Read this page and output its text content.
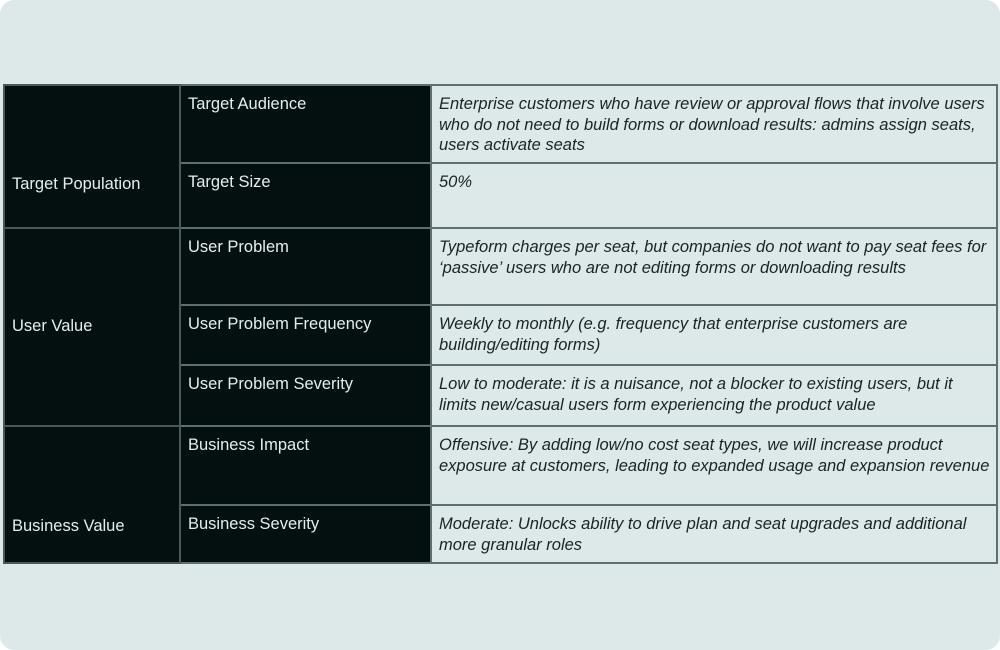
Target Population	Target Audience	Enterprise customers who have review or approval flows that involve users who do not need to build forms or download results: admins assign seats, users activate seats
	Target Size	50%

User Value	User Problem	Typeform charges per seat, but companies do not want to pay seat fees for ‘passive’ users who are not editing forms or downloading results
	User Problem Frequency	Weekly to monthly (e.g. frequency that enterprise customers are building/editing forms)
	User Problem Severity	Low to moderate: it is a nuisance, not a blocker to existing users, but it limits new/casual users form experiencing the product value

Business Value	Business Impact	Offensive: By adding low/no cost seat types, we will increase product exposure at customers, leading to expanded usage and expansion revenue
	Business Severity	Moderate: Unlocks ability to drive plan and seat upgrades and additional more granular roles
